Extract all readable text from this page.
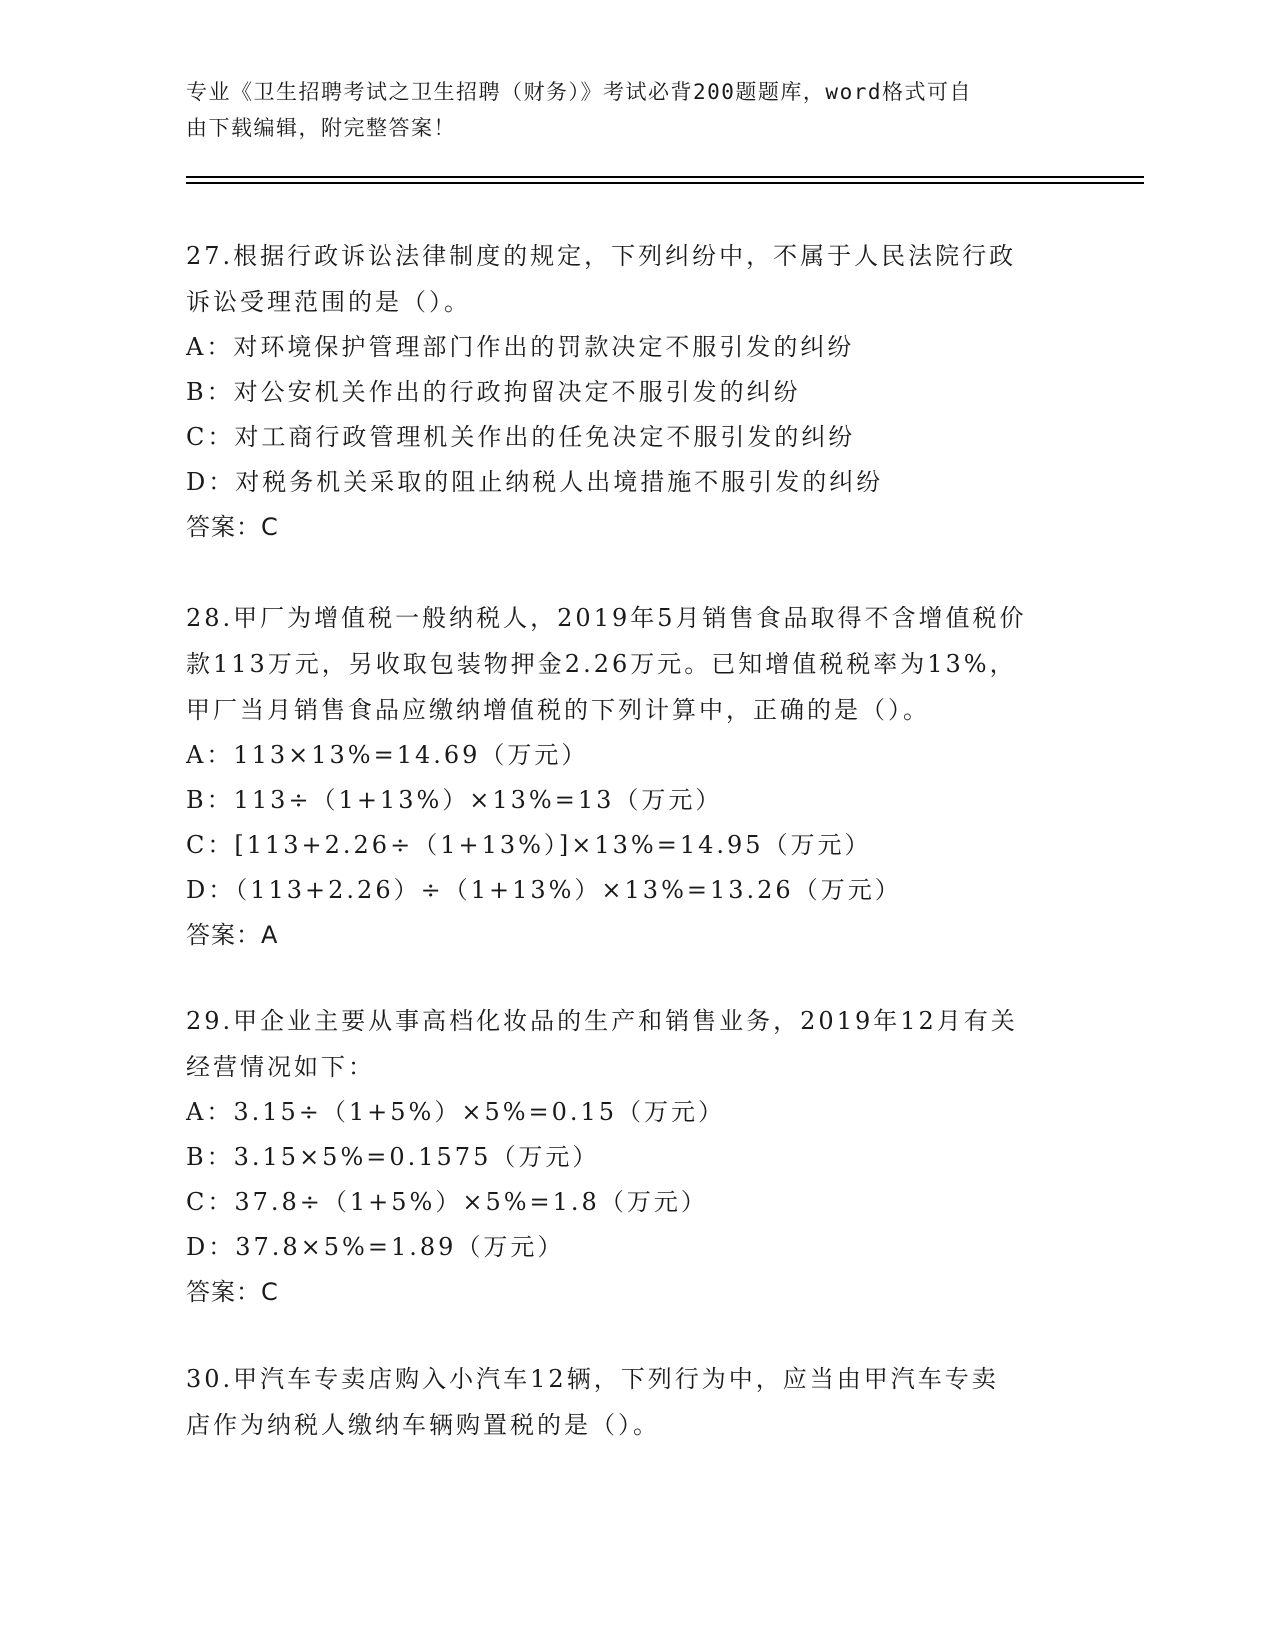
专业《卫生招聘考试之卫生招聘（财务）》考试必背200题题库，word格式可自
由下载编辑，附完整答案！
27.根据行政诉讼法律制度的规定，下列纠纷中，不属于人民法院行政
诉讼受理范围的是（）。
A：对环境保护管理部门作出的罚款决定不服引发的纠纷
B：对公安机关作出的行政拘留决定不服引发的纠纷
C：对工商行政管理机关作出的任免决定不服引发的纠纷
D：对税务机关采取的阻止纳税人出境措施不服引发的纠纷
答案：C
28.甲厂为增值税一般纳税人，2019年5月销售食品取得不含增值税价
款113万元，另收取包装物押金2.26万元。已知增值税税率为13%，
甲厂当月销售食品应缴纳增值税的下列计算中，正确的是（）。
A：113×13%=14.69（万元）
B：113÷（1+13%）×13%=13（万元）
C：[113+2.26÷（1+13%）]×13%=14.95（万元）
D：（113+2.26）÷（1+13%）×13%=13.26（万元）
答案：A
29.甲企业主要从事高档化妆品的生产和销售业务，2019年12月有关
经营情况如下：
A：3.15÷（1+5%）×5%=0.15（万元）
B：3.15×5%=0.1575（万元）
C：37.8÷（1+5%）×5%=1.8（万元）
D：37.8×5%=1.89（万元）
答案：C
30.甲汽车专卖店购入小汽车12辆，下列行为中，应当由甲汽车专卖
店作为纳税人缴纳车辆购置税的是（）。
